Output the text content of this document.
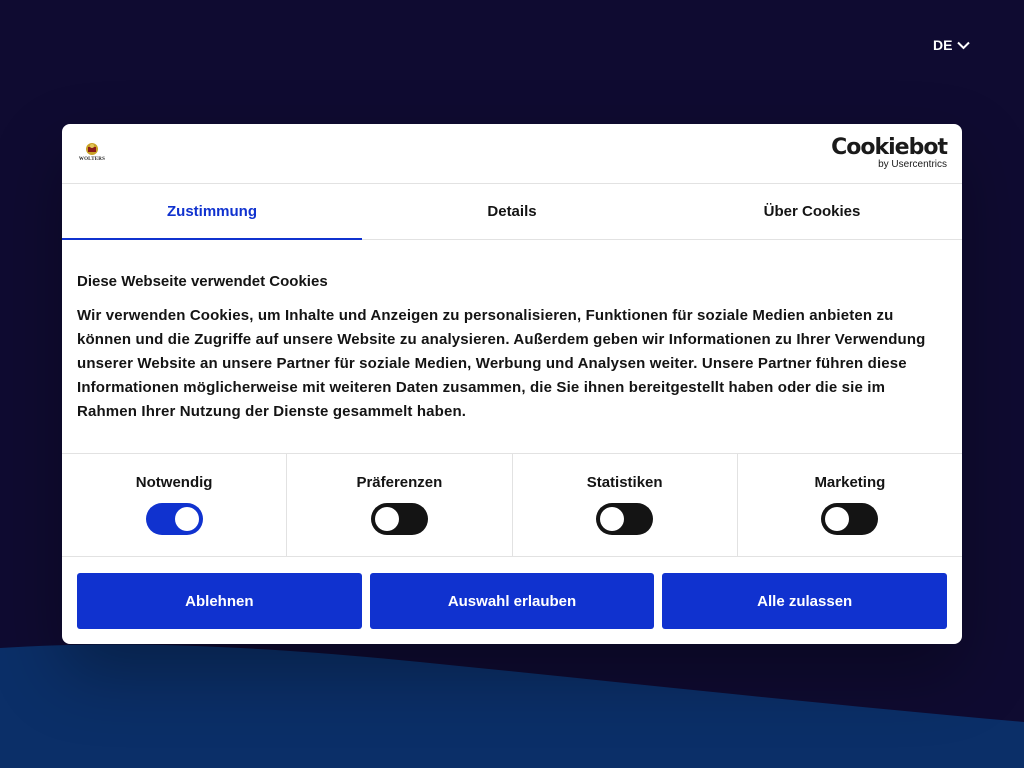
DE
WOLTERS	Cookiebot
by Usercentrics
Zustimmung	Details	Über Cookies
Diese Webseite verwendet Cookies

Wir verwenden Cookies, um Inhalte und Anzeigen zu personalisieren, Funktionen für soziale Medien anbieten zu können und die Zugriffe auf unsere Website zu analysieren. Außerdem geben wir Informationen zu Ihrer Verwendung unserer Website an unsere Partner für soziale Medien, Werbung und Analysen weiter. Unsere Partner führen diese Informationen möglicherweise mit weiteren Daten zusammen, die Sie ihnen bereitgestellt haben oder die sie im Rahmen Ihrer Nutzung der Dienste gesammelt haben.

Notwendig	Präferenzen	Statistiken	Marketing
Ablehnen	Auswahl erlauben	Alle zulassen
